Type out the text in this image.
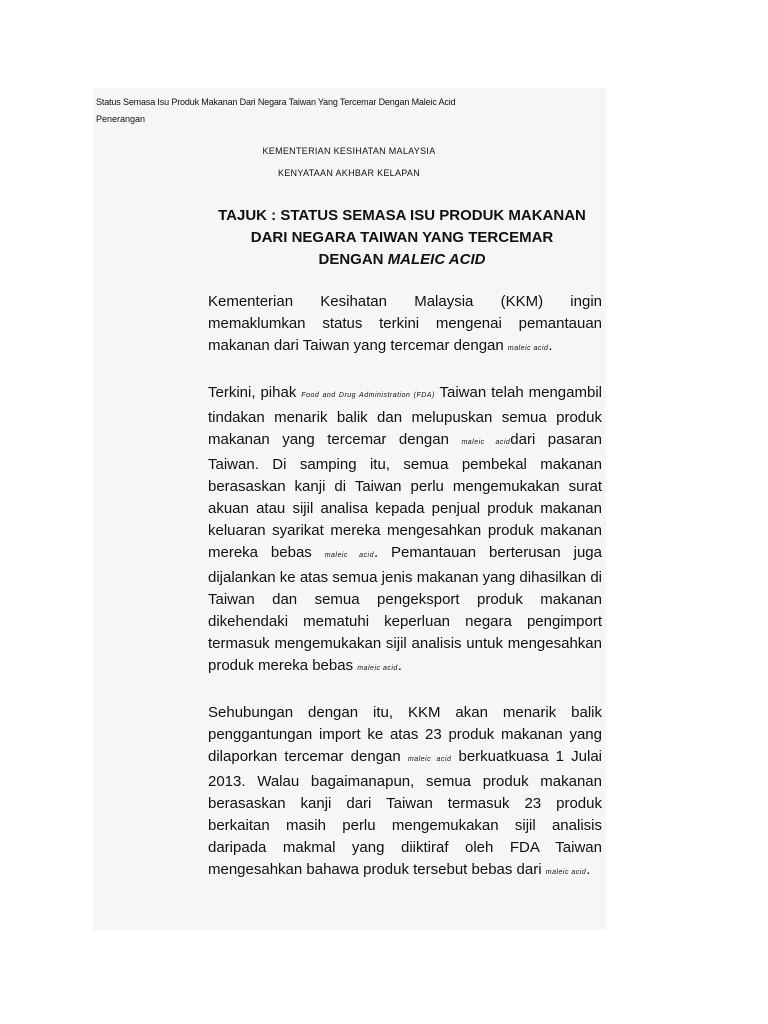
Status Semasa Isu Produk Makanan Dari Negara Taiwan Yang Tercemar Dengan Maleic Acid
Penerangan
KEMENTERIAN KESIHATAN MALAYSIA
KENYATAAN AKHBAR KELAPAN
TAJUK : STATUS SEMASA ISU PRODUK MAKANAN
DARI NEGARA TAIWAN YANG TERCEMAR
DENGAN MALEIC ACID

Kementerian Kesihatan Malaysia (KKM) ingin memaklumkan status terkini mengenai pemantauan makanan dari Taiwan yang tercemar dengan maleic acid.

Terkini, pihak Food and Drug Administration (FDA) Taiwan telah mengambil tindakan menarik balik dan melupuskan semua produk makanan yang tercemar dengan maleic aciddari pasaran Taiwan. Di samping itu, semua pembekal makanan berasaskan kanji di Taiwan perlu mengemukakan surat akuan atau sijil analisa kepada penjual produk makanan keluaran syarikat mereka mengesahkan produk makanan mereka bebas maleic acid. Pemantauan berterusan juga dijalankan ke atas semua jenis makanan yang dihasilkan di Taiwan dan semua pengeksport produk makanan dikehendaki mematuhi keperluan negara pengimport termasuk mengemukakan sijil analisis untuk mengesahkan produk mereka bebas maleic acid.

Sehubungan dengan itu, KKM akan menarik balik penggantungan import ke atas 23 produk makanan yang dilaporkan tercemar dengan maleic acid berkuatkuasa 1 Julai 2013. Walau bagaimanapun, semua produk makanan berasaskan kanji dari Taiwan termasuk 23 produk berkaitan masih perlu mengemukakan sijil analisis daripada makmal yang diiktiraf oleh FDA Taiwan mengesahkan bahawa produk tersebut bebas dari maleic acid.
